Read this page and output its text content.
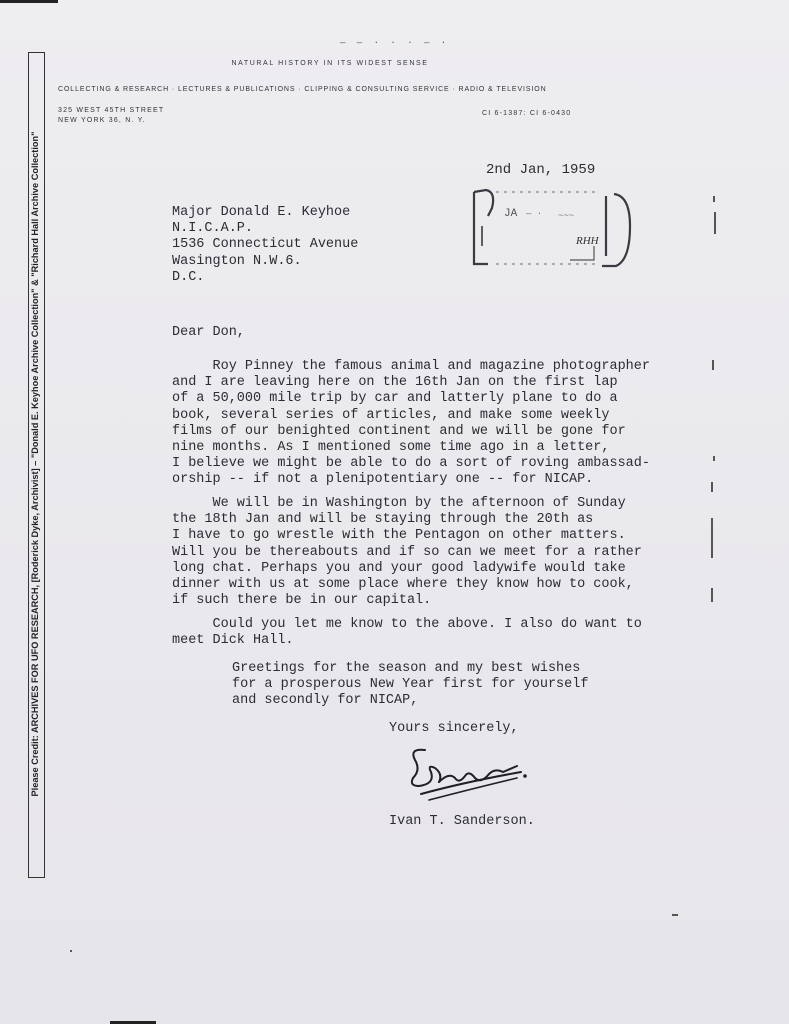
— — · · · — ·
NATURAL HISTORY IN ITS WIDEST SENSE
COLLECTING & RESEARCH · LECTURES & PUBLICATIONS · CLIPPING & CONSULTING SERVICE · RADIO & TELEVISION
325 WEST 45TH STREET
NEW YORK 36, N. Y.
CI 6-1387: CI 6-0430
Please Credit: ARCHIVES FOR UFO RESEARCH, [Roderick Dyke, Archivist] – "Donald E. Keyhoe Archive Collection" & "Richard Hall Archive Collection"	2nd Jan, 1959
JA — · ~~~
RHH
Major Donald E. Keyhoe
N.I.C.A.P.
1536 Connecticut Avenue
Wasington N.W.6.
D.C.
Dear Don,
Roy Pinney the famous animal and magazine photographer
and I are leaving here on the 16th Jan on the first lap
of a 50,000 mile trip by car and latterly plane to do a
book, several series of articles, and make some weekly
films of our benighted continent and we will be gone for
nine months. As I mentioned some time ago in a letter,
I believe we might be able to do a sort of roving ambassad-
orship -- if not a plenipotentiary one -- for NICAP.
We will be in Washington by the afternoon of Sunday
the 18th Jan and will be staying through the 20th as
I have to go wrestle with the Pentagon on other matters.
Will you be thereabouts and if so can we meet for a rather
long chat. Perhaps you and your good ladywife would take
dinner with us at some place where they know how to cook,
if such there be in our capital.
Could you let me know to the above. I also do want to
meet Dick Hall.
Greetings for the season and my best wishes
for a prosperous New Year first for yourself
and secondly for NICAP,
Yours sincerely,
Ivan T. Sanderson.
